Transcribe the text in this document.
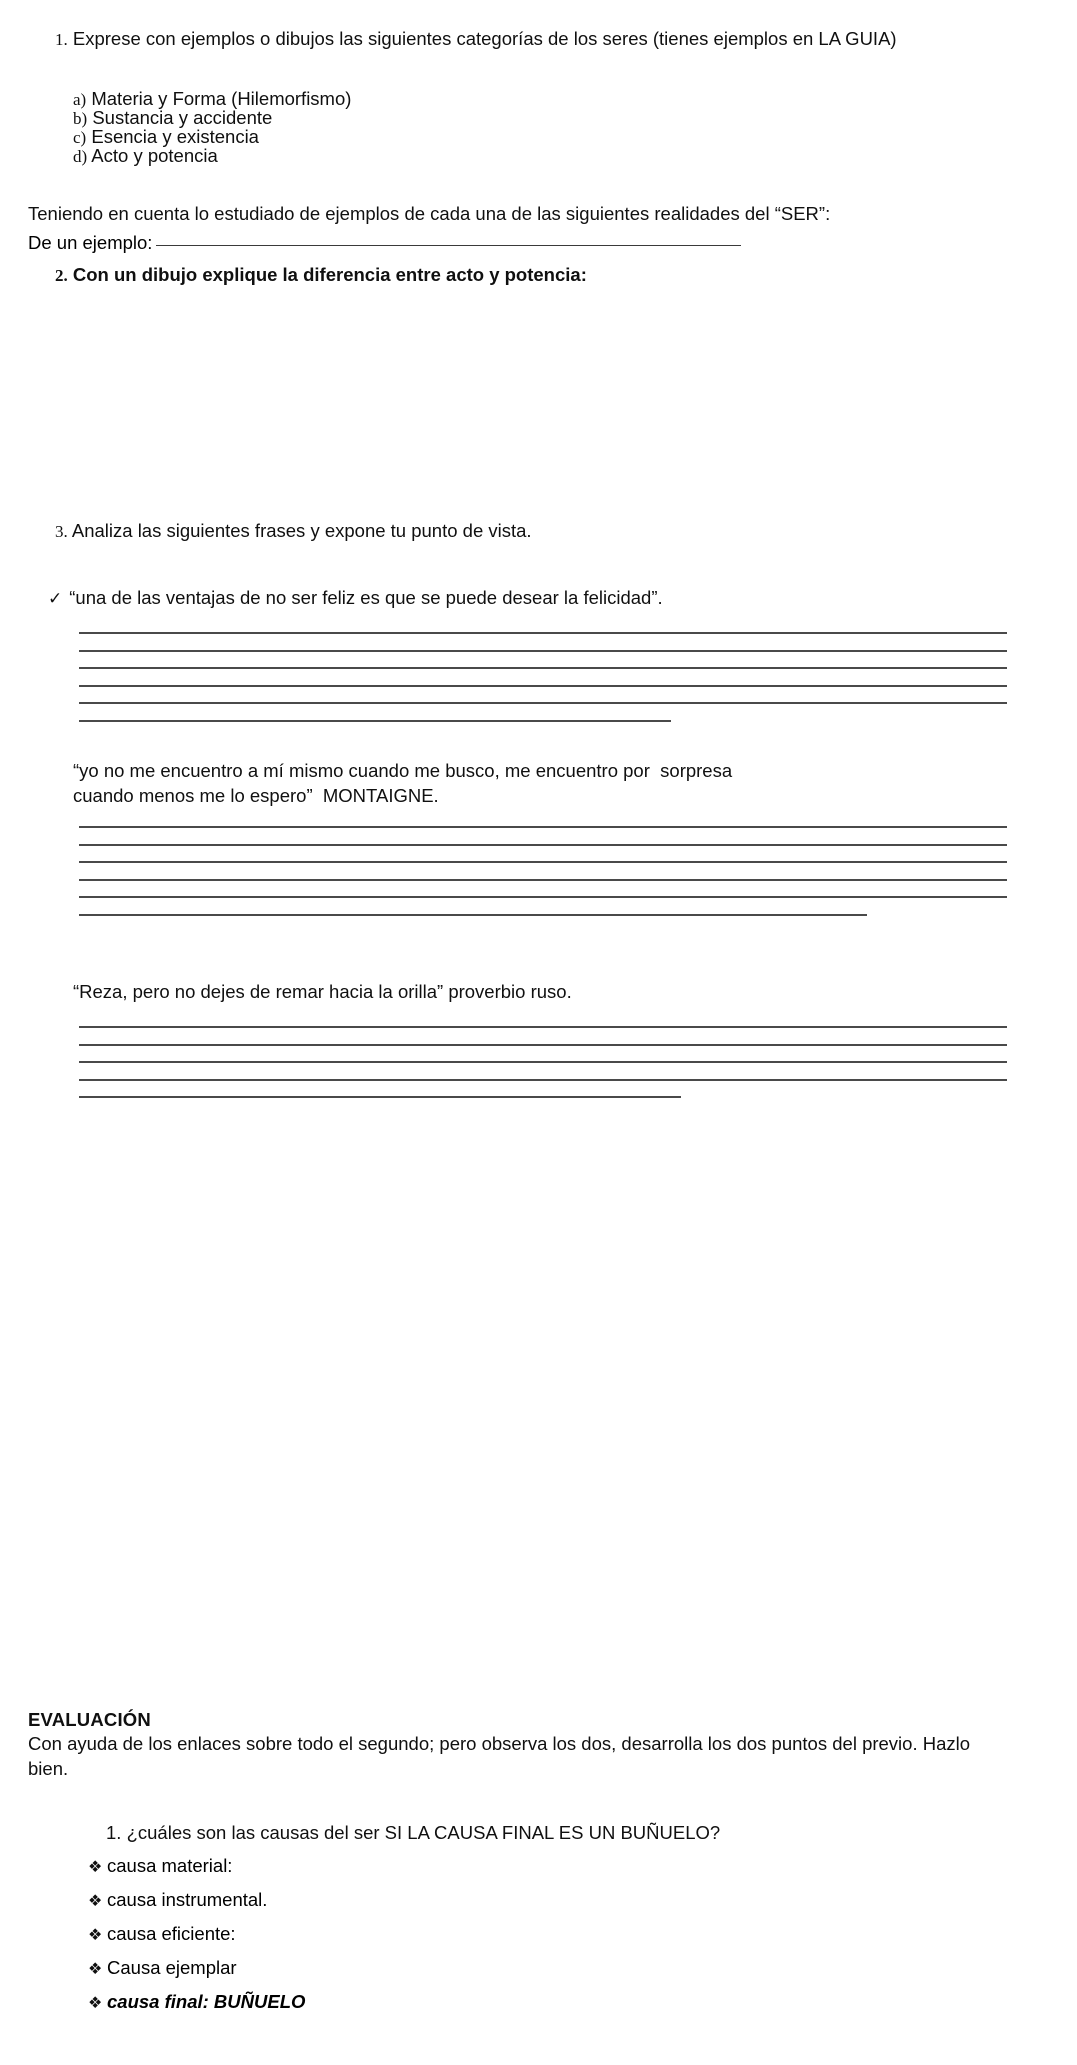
1. Exprese con ejemplos o dibujos las siguientes categorías de los seres (tienes ejemplos en LA GUIA)
a) Materia y Forma (Hilemorfismo)
b) Sustancia y accidente
c) Esencia y existencia
d) Acto y potencia
Teniendo en cuenta lo estudiado de ejemplos de cada una de las siguientes realidades del “SER”:
De un ejemplo:
2. Con un dibujo explique la diferencia entre acto y potencia:
3. Analiza las siguientes frases y expone tu punto de vista.
✓ “una de las ventajas de no ser feliz es que se puede desear la felicidad”.
“yo no me encuentro a mí mismo cuando me busco, me encuentro por  sorpresa cuando menos me lo espero”  MONTAIGNE.
“Reza, pero no dejes de remar hacia la orilla” proverbio ruso.
EVALUACIÓN
Con ayuda de los enlaces sobre todo el segundo; pero observa los dos, desarrolla los dos puntos del previo. Hazlo bien.
1. ¿cuáles son las causas del ser SI LA CAUSA FINAL ES UN BUÑUELO?
❖ causa material:
❖ causa instrumental.
❖ causa eficiente:
❖ Causa ejemplar
❖ causa final: BUÑUELO
